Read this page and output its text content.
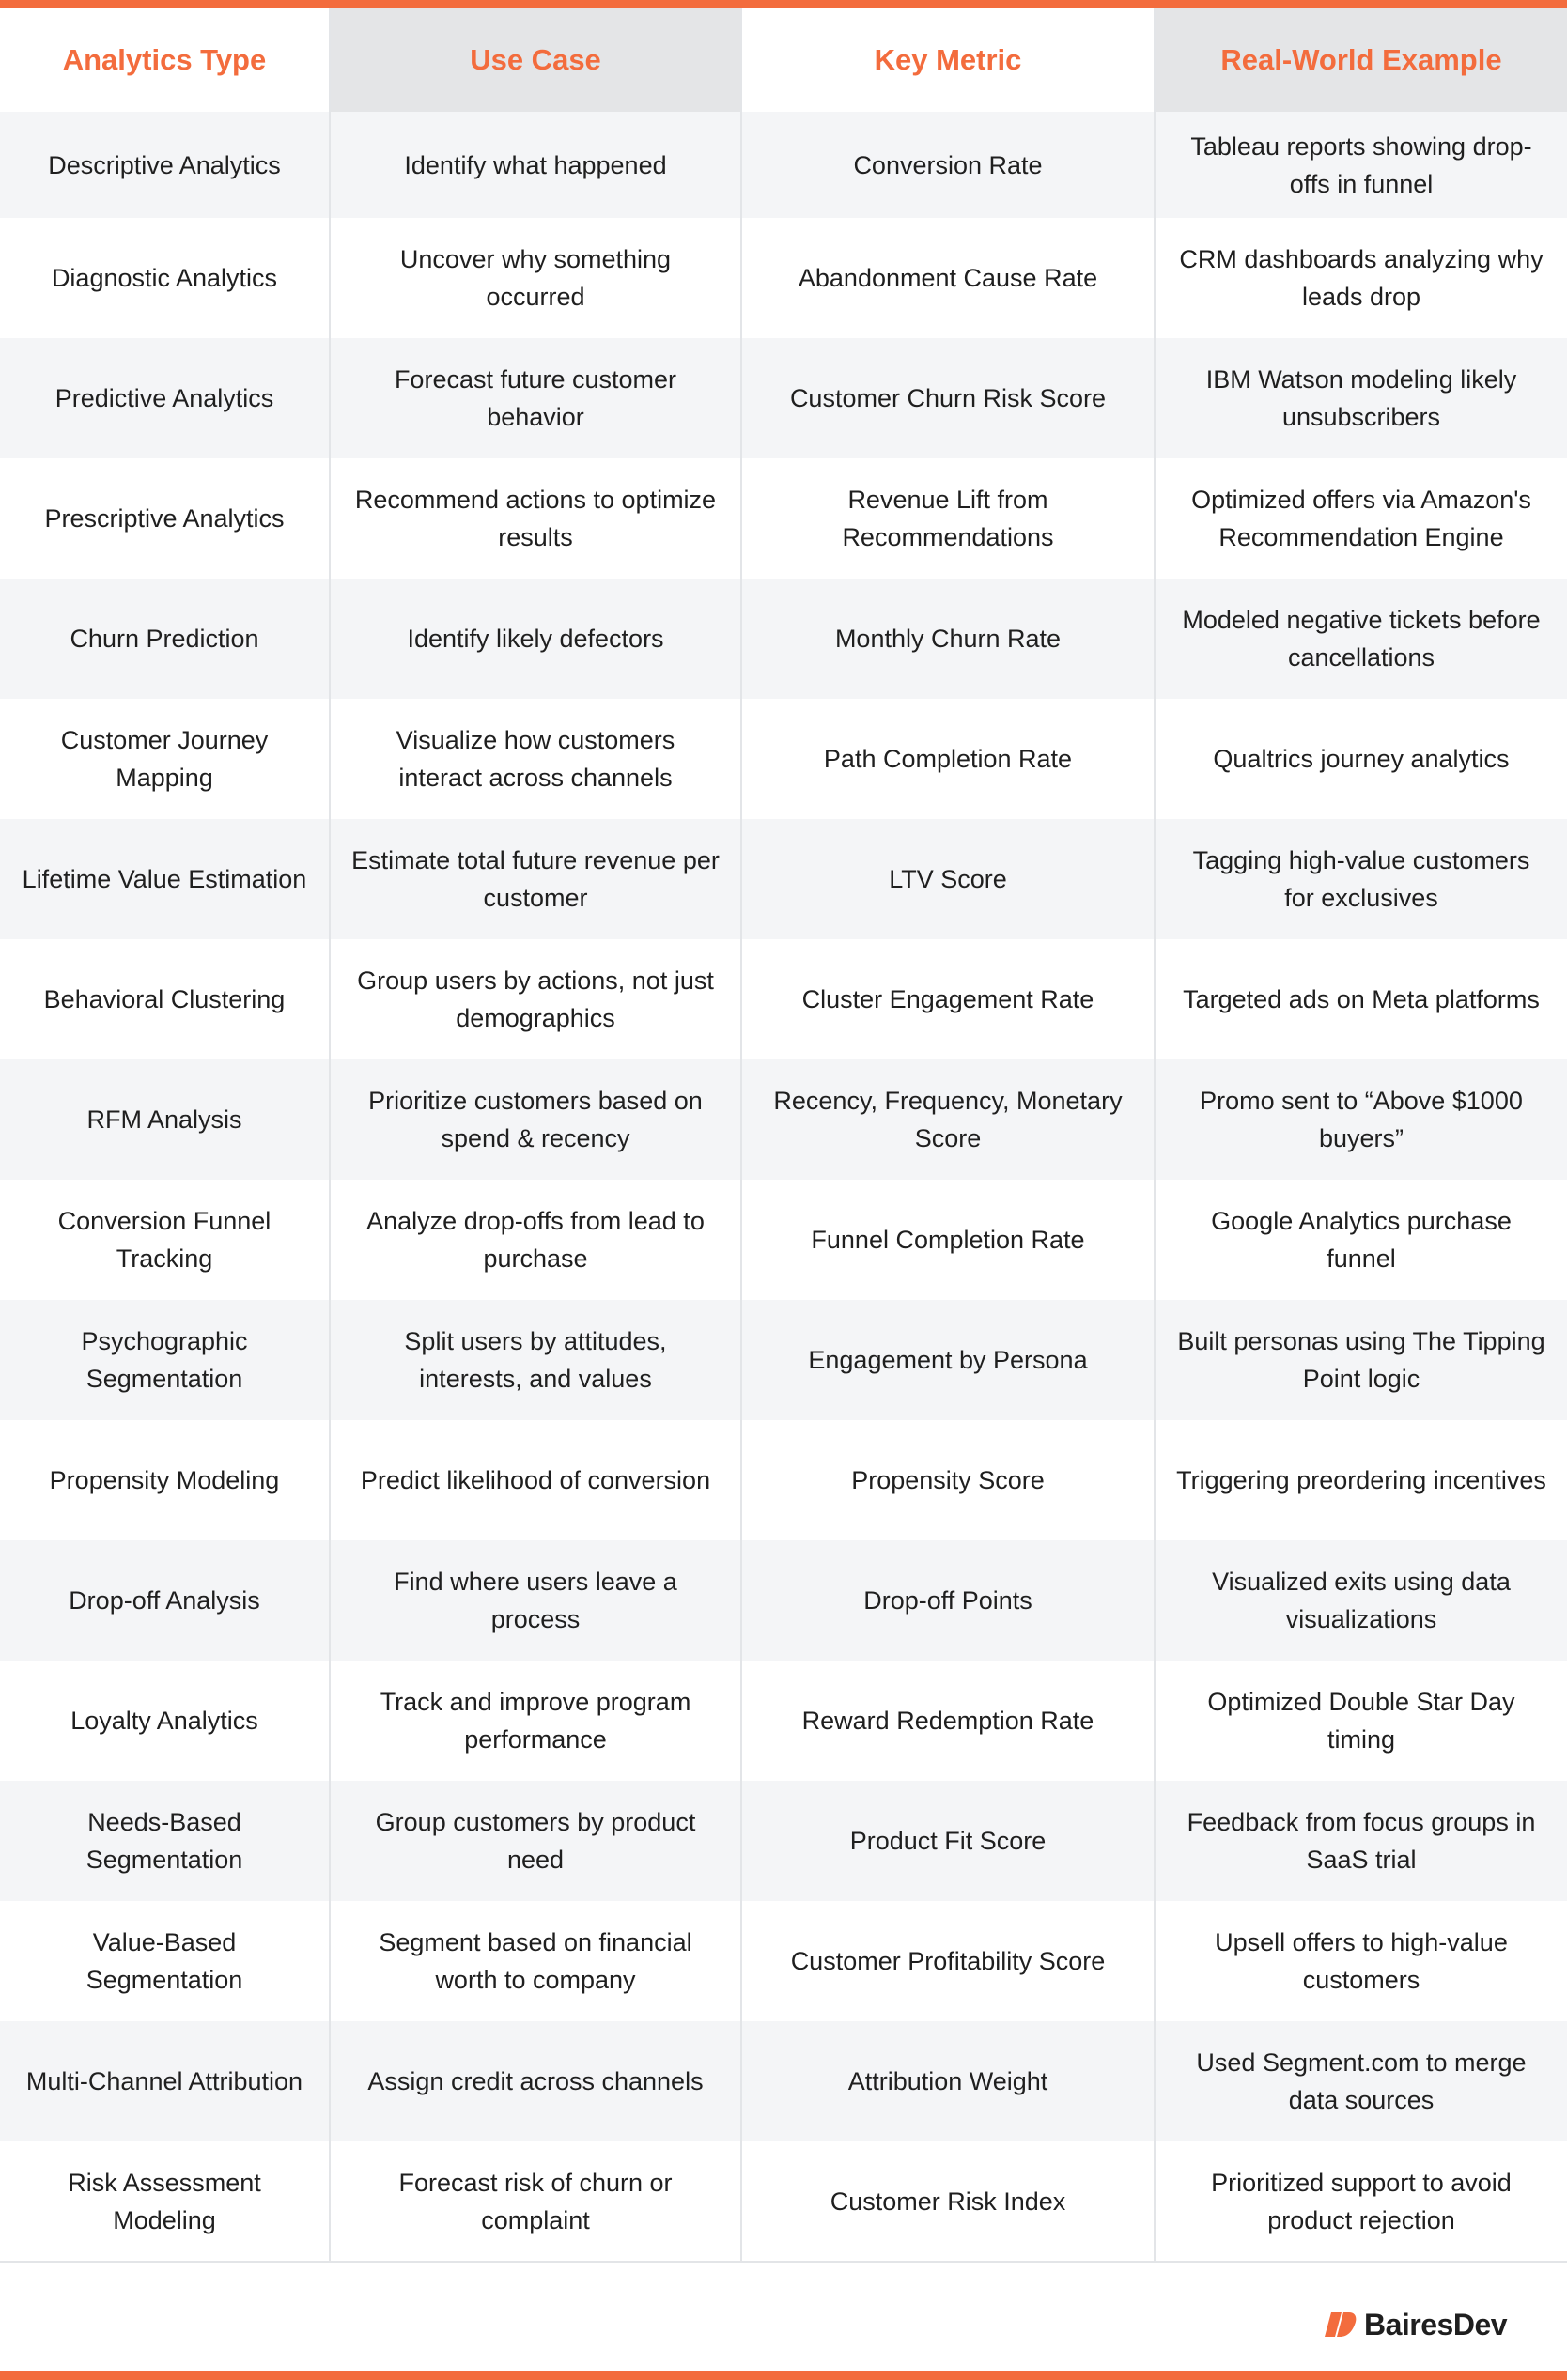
Analytics Type	Use Case	Key Metric	Real-World Example
Descriptive Analytics	Identify what happened	Conversion Rate	Tableau reports showing drop-offs in funnel
Diagnostic Analytics	Uncover why something occurred	Abandonment Cause Rate	CRM dashboards analyzing why leads drop
Predictive Analytics	Forecast future customer behavior	Customer Churn Risk Score	IBM Watson modeling likely unsubscribers
Prescriptive Analytics	Recommend actions to optimize results	Revenue Lift from Recommendations	Optimized offers via Amazon's Recommendation Engine
Churn Prediction	Identify likely defectors	Monthly Churn Rate	Modeled negative tickets before cancellations
Customer Journey Mapping	Visualize how customers interact across channels	Path Completion Rate	Qualtrics journey analytics
Lifetime Value Estimation	Estimate total future revenue per customer	LTV Score	Tagging high-value customers for exclusives
Behavioral Clustering	Group users by actions, not just demographics	Cluster Engagement Rate	Targeted ads on Meta platforms
RFM Analysis	Prioritize customers based on spend & recency	Recency, Frequency, Monetary Score	Promo sent to “Above $1000 buyers”
Conversion Funnel Tracking	Analyze drop-offs from lead to purchase	Funnel Completion Rate	Google Analytics purchase funnel
Psychographic Segmentation	Split users by attitudes, interests, and values	Engagement by Persona	Built personas using The Tipping Point logic
Propensity Modeling	Predict likelihood of conversion	Propensity Score	Triggering preordering incentives
Drop-off Analysis	Find where users leave a process	Drop-off Points	Visualized exits using data visualizations
Loyalty Analytics	Track and improve program performance	Reward Redemption Rate	Optimized Double Star Day timing
Needs-Based Segmentation	Group customers by product need	Product Fit Score	Feedback from focus groups in SaaS trial
Value-Based Segmentation	Segment based on financial worth to company	Customer Profitability Score	Upsell offers to high-value customers
Multi-Channel Attribution	Assign credit across channels	Attribution Weight	Used Segment.com to merge data sources
Risk Assessment Modeling	Forecast risk of churn or complaint	Customer Risk Index	Prioritized support to avoid product rejection
BairesDev
